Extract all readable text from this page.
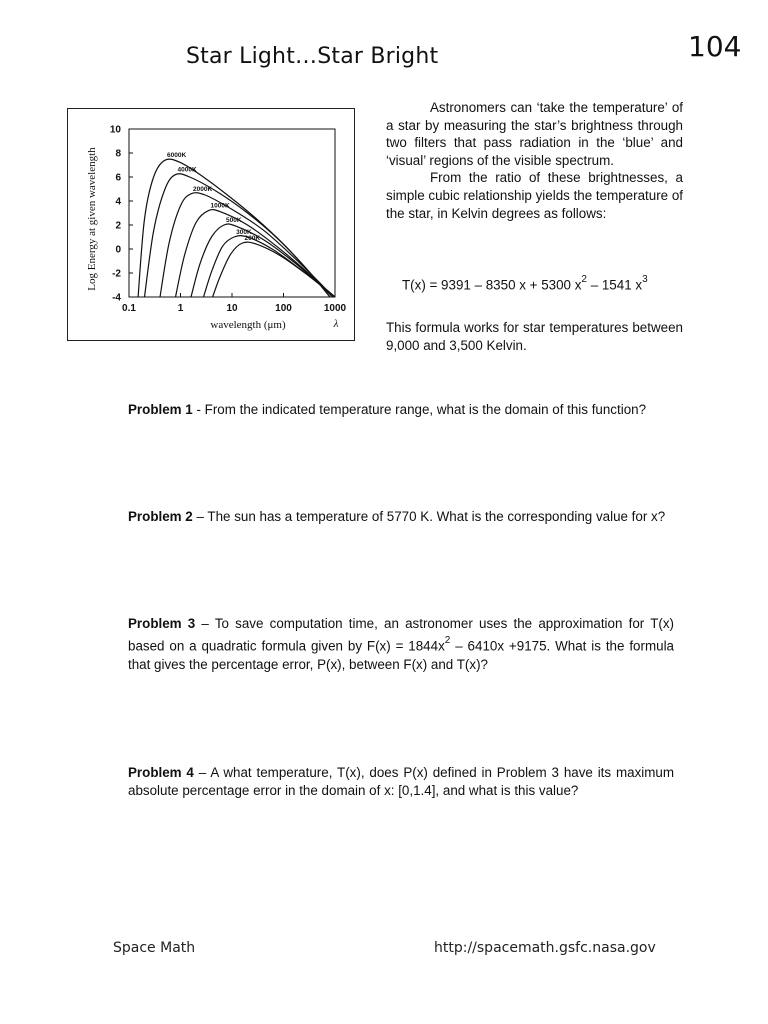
Star Light…Star Bright	104
10
8
6
4
2
0
-2
-4
0.1	1	10	100	1000
6000K
4000K
2000K
1000K
500K
300K
200K
wavelength (μm)	λ
Log Energy at given wavelength

Astronomers can ‘take the temperature’ of a star by measuring the star’s brightness through two filters that pass radiation in the ‘blue’ and ‘visual’ regions of the visible spectrum.

From the ratio of these brightnesses, a simple cubic relationship yields the temperature of the star, in Kelvin degrees as follows:

T(x) = 9391 – 8350 x + 5300 $x^2 - 1541$ $x^3$
This formula works for star temperatures between 9,000 and 3,500 Kelvin.
Problem 1 - From the indicated temperature range, what is the domain of this function?
Problem 2 – The sun has a temperature of 5770 K. What is the corresponding value for x?
Problem 3 – To save computation time, an astronomer uses the approximation for T(x) based on a quadratic formula given by $F(x) = 1844x^2 - 6410x +9175$. What is the formula that gives the percentage error, P(x), between F(x) and T(x)?
Problem 4 – A what temperature, T(x), does P(x) defined in Problem 3 have its maximum absolute percentage error in the domain of x: [0,1.4], and what is this value?
Space Math	http://spacemath.gsfc.nasa.gov
